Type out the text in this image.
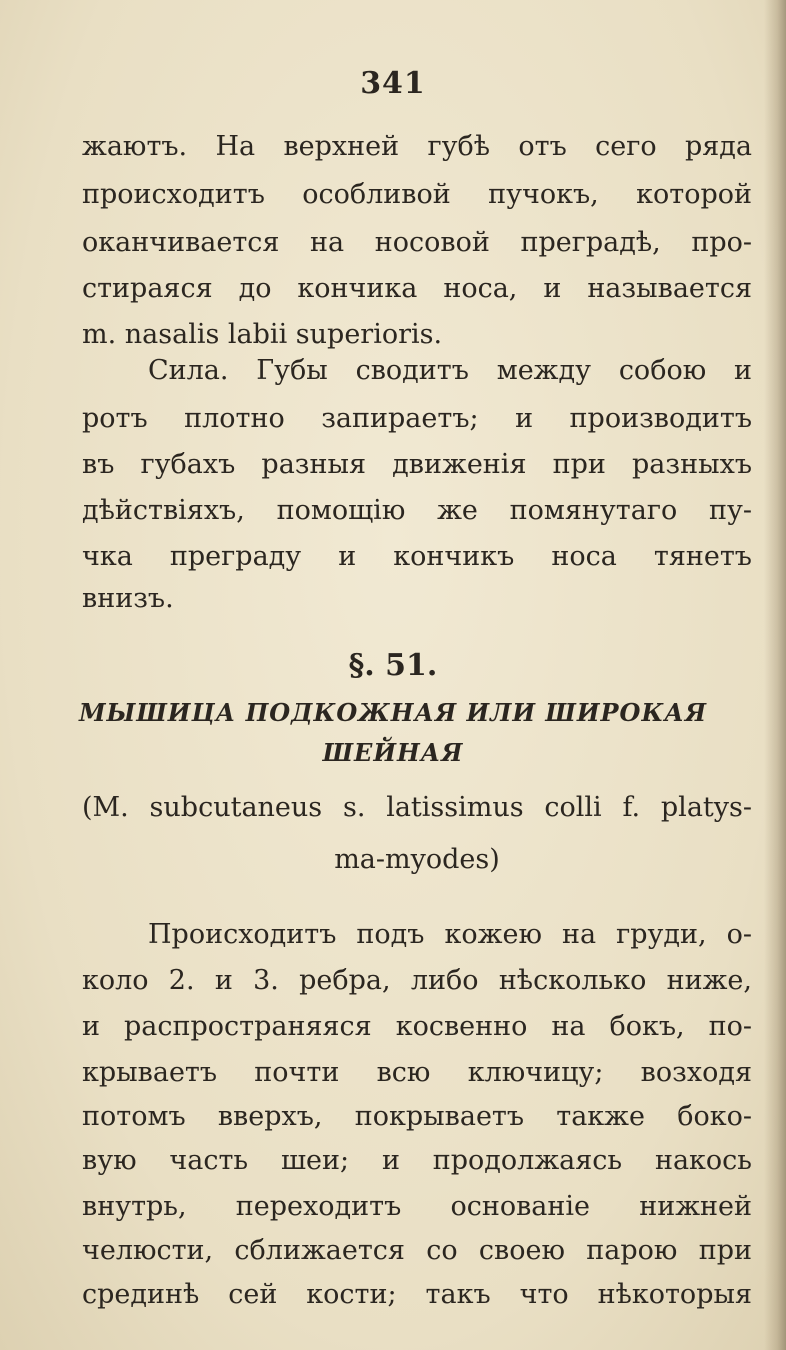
341
жаютъ. На верхней губѣ отъ сего ряда
происходитъ особливой пучокъ, которой
оканчивается на носовой преградѣ, про-
стираяся до кончика носа, и называется
m. nasalis labii superioris.
Сила. Губы сводитъ между собою и
ротъ плотно запираетъ; и производитъ
въ губахъ разныя движенія при разныхъ
дѣйствіяхъ, помощію же помянутаго пу-
чка преграду и кончикъ носа тянетъ
внизъ.
§. 51.
МЫШИЦА ПОДКОЖНАЯ ИЛИ ШИРОКАЯ
ШЕЙНАЯ
(M. subcutaneus s. latissimus colli f. platys-
ma-myodes)
Происходитъ подъ кожею на груди, о-
коло 2. и 3. ребра, либо нѣсколько ниже,
и распространяяся косвенно на бокъ, по-
крываетъ почти всю ключицу; возходя
потомъ вверхъ, покрываетъ также боко-
вую часть шеи; и продолжаясь накось
внутрь, переходитъ основаніе нижней
челюсти, сближается со своею парою при
срединѣ сей кости; такъ что нѣкоторыя
